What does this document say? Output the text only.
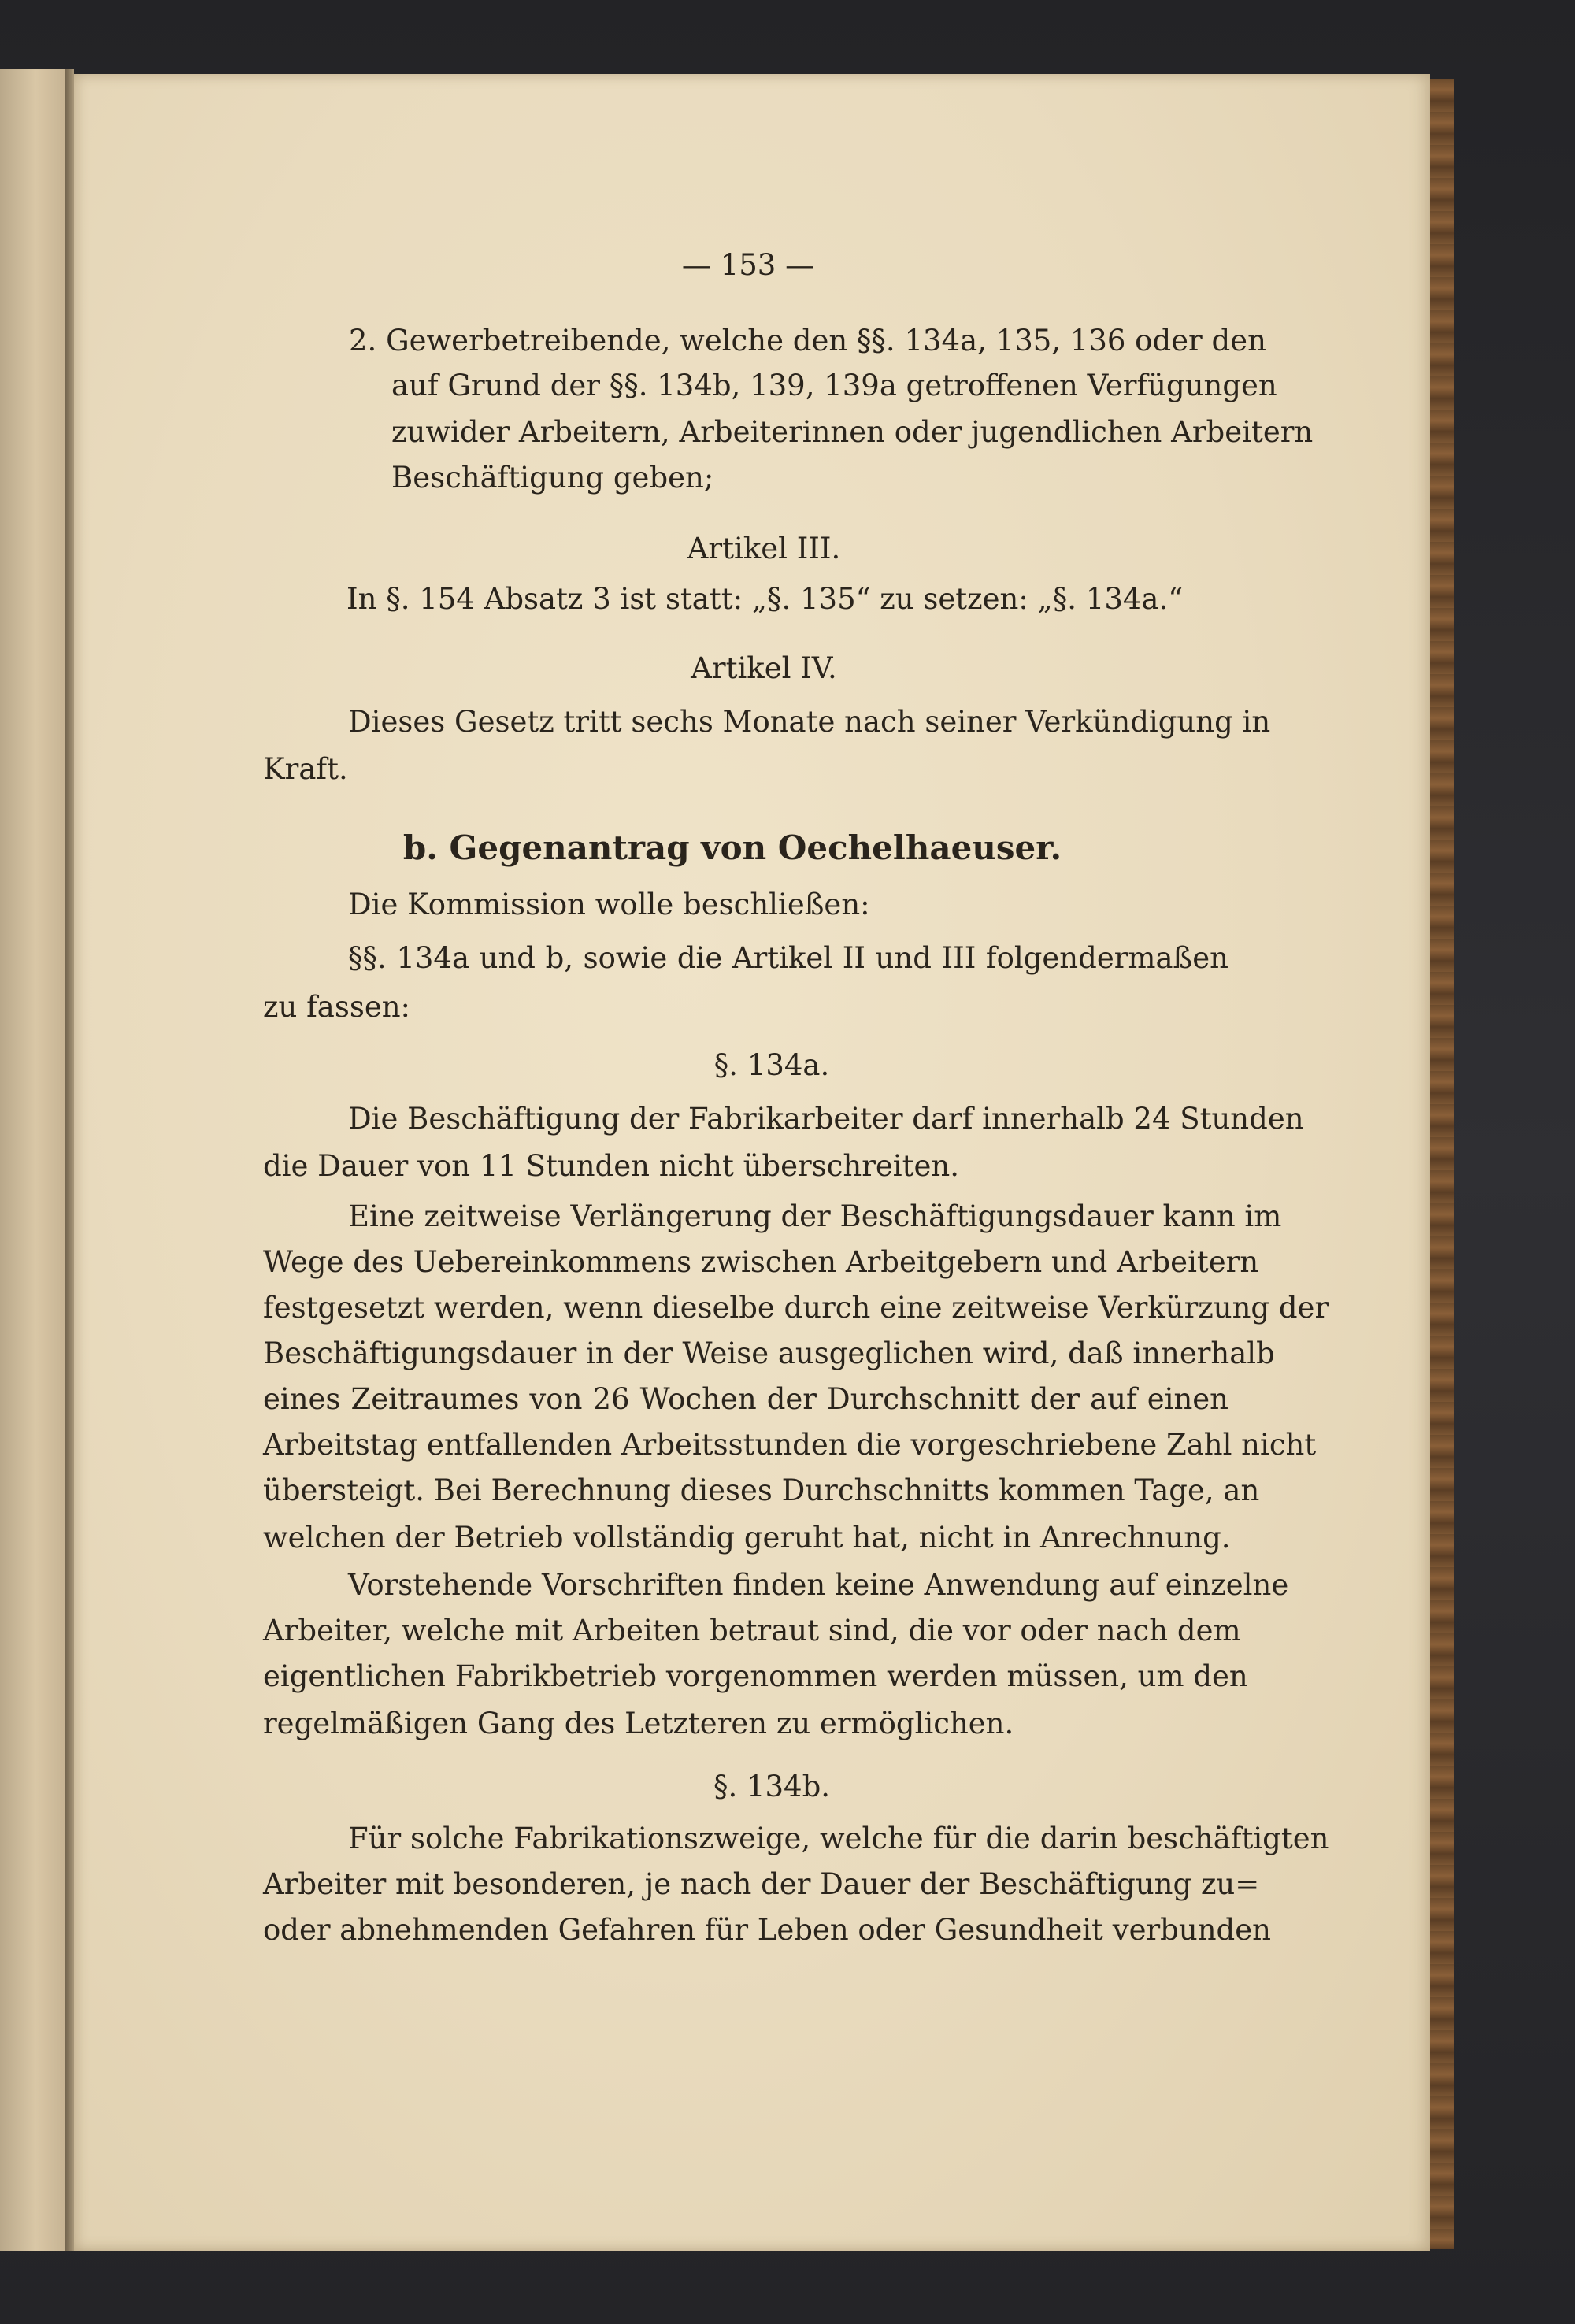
— 153 —
2. Gewerbetreibende, welche den §§. 134a, 135, 136 oder den
auf Grund der §§. 134b, 139, 139a getroffenen Verfügungen
zuwider Arbeitern, Arbeiterinnen oder jugendlichen Arbeitern
Beschäftigung geben;
Artikel III.
In §. 154 Absatz 3 ist statt: „§. 135“ zu setzen: „§. 134a.“
Artikel IV.
Dieses Gesetz tritt sechs Monate nach seiner Verkündigung in
Kraft.
b. Gegenantrag von Oechelhaeuser.
Die Kommission wolle beschließen:
§§. 134a und b, sowie die Artikel II und III folgendermaßen
zu fassen:
§. 134a.
Die Beschäftigung der Fabrikarbeiter darf innerhalb 24 Stunden
die Dauer von 11 Stunden nicht überschreiten.
Eine zeitweise Verlängerung der Beschäftigungsdauer kann im
Wege des Uebereinkommens zwischen Arbeitgebern und Arbeitern
festgesetzt werden, wenn dieselbe durch eine zeitweise Verkürzung der
Beschäftigungsdauer in der Weise ausgeglichen wird, daß innerhalb
eines Zeitraumes von 26 Wochen der Durchschnitt der auf einen
Arbeitstag entfallenden Arbeitsstunden die vorgeschriebene Zahl nicht
übersteigt. Bei Berechnung dieses Durchschnitts kommen Tage, an
welchen der Betrieb vollständig geruht hat, nicht in Anrechnung.
Vorstehende Vorschriften finden keine Anwendung auf einzelne
Arbeiter, welche mit Arbeiten betraut sind, die vor oder nach dem
eigentlichen Fabrikbetrieb vorgenommen werden müssen, um den
regelmäßigen Gang des Letzteren zu ermöglichen.
§. 134b.
Für solche Fabrikationszweige, welche für die darin beschäftigten
Arbeiter mit besonderen, je nach der Dauer der Beschäftigung zu=
oder abnehmenden Gefahren für Leben oder Gesundheit verbunden
